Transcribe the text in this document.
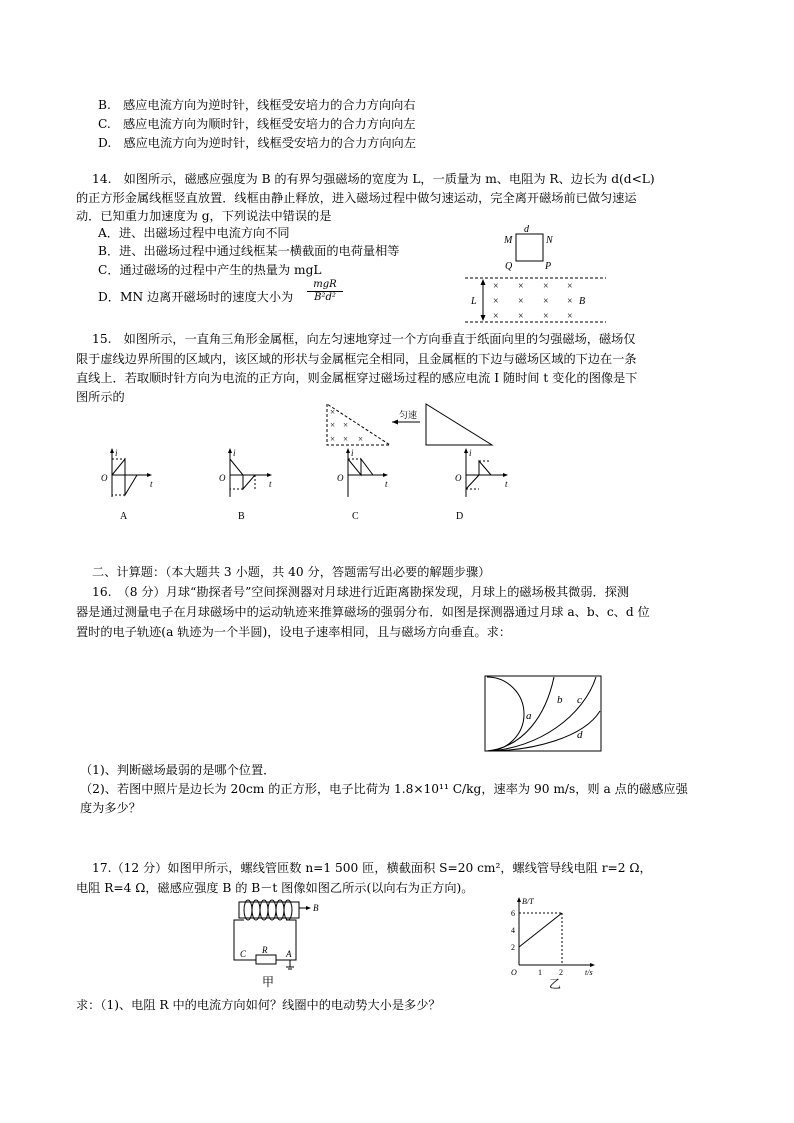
B.　感应电流方向为逆时针，线框受安培力的合力方向向右
C.　感应电流方向为顺时针，线框受安培力的合力方向向左
D.　感应电流方向为逆时针，线框受安培力的合力方向向左
　 14.　如图所示，磁感应强度为 B 的有界匀强磁场的宽度为 L，一质量为 m、电阻为 R、边长为 d(d<L)
的正方形金属线框竖直放置．线框由静止释放，进入磁场过程中做匀速运动，完全离开磁场前已做匀速运
动．已知重力加速度为 g，下列说法中错误的是
A．进、出磁场过程中电流方向不同
B．进、出磁场过程中通过线框某一横截面的电荷量相等
C．通过磁场的过程中产生的热量为 mgL
D．MN 边离开磁场时的速度大小为
mgR
B²d²
d
M	N
Q	P
L
× × × ×
× × × ×
× × × ×
B
　 15.　如图所示，一直角三角形金属框，向左匀速地穿过一个方向垂直于纸面向里的匀强磁场，磁场仅
限于虚线边界所围的区域内，该区域的形状与金属框完全相同，且金属框的下边与磁场区域的下边在一条
直线上．若取顺时针方向为电流的正方向，则金属框穿过磁场过程的感应电流 I 随时间 t 变化的图像是下
图所示的
×
× ×
× × ×
匀速
i
t
O
A
i
t
O
B
i
t
O
C
i
t
O
D
　 二、计算题：（本大题共 3 小题，共 40 分，答题需写出必要的解题步骤）
　 16.　（8 分）月球“勘探者号”空间探测器对月球进行近距离勘探发现，月球上的磁场极其微弱．探测
器是通过测量电子在月球磁场中的运动轨迹来推算磁场的强弱分布．如图是探测器通过月球 a、b、c、d 位
置时的电子轨迹(a 轨迹为一个半圆)，设电子速率相同，且与磁场方向垂直。求：
a
b c
d
（1)、判断磁场最弱的是哪个位置．
（2)、若图中照片是边长为 20cm 的正方形，电子比荷为 1.8×10¹¹ C/kg，速率为 90 m/s，则 a 点的磁感应强
度为多少？
　 17.（12 分）如图甲所示，螺线管匝数 n=1 500 匝，横截面积 S=20 cm²，螺线管导线电阻 r=2 Ω，
电阻 R=4 Ω，磁感应强度 B 的 B－t 图像如图乙所示(以向右为正方向)。
B
R
C	A
甲
B/T
t/s
O
2
4
6
1 2
乙
求：（1)、电阻 R 中的电流方向如何？线圈中的电动势大小是多少？
